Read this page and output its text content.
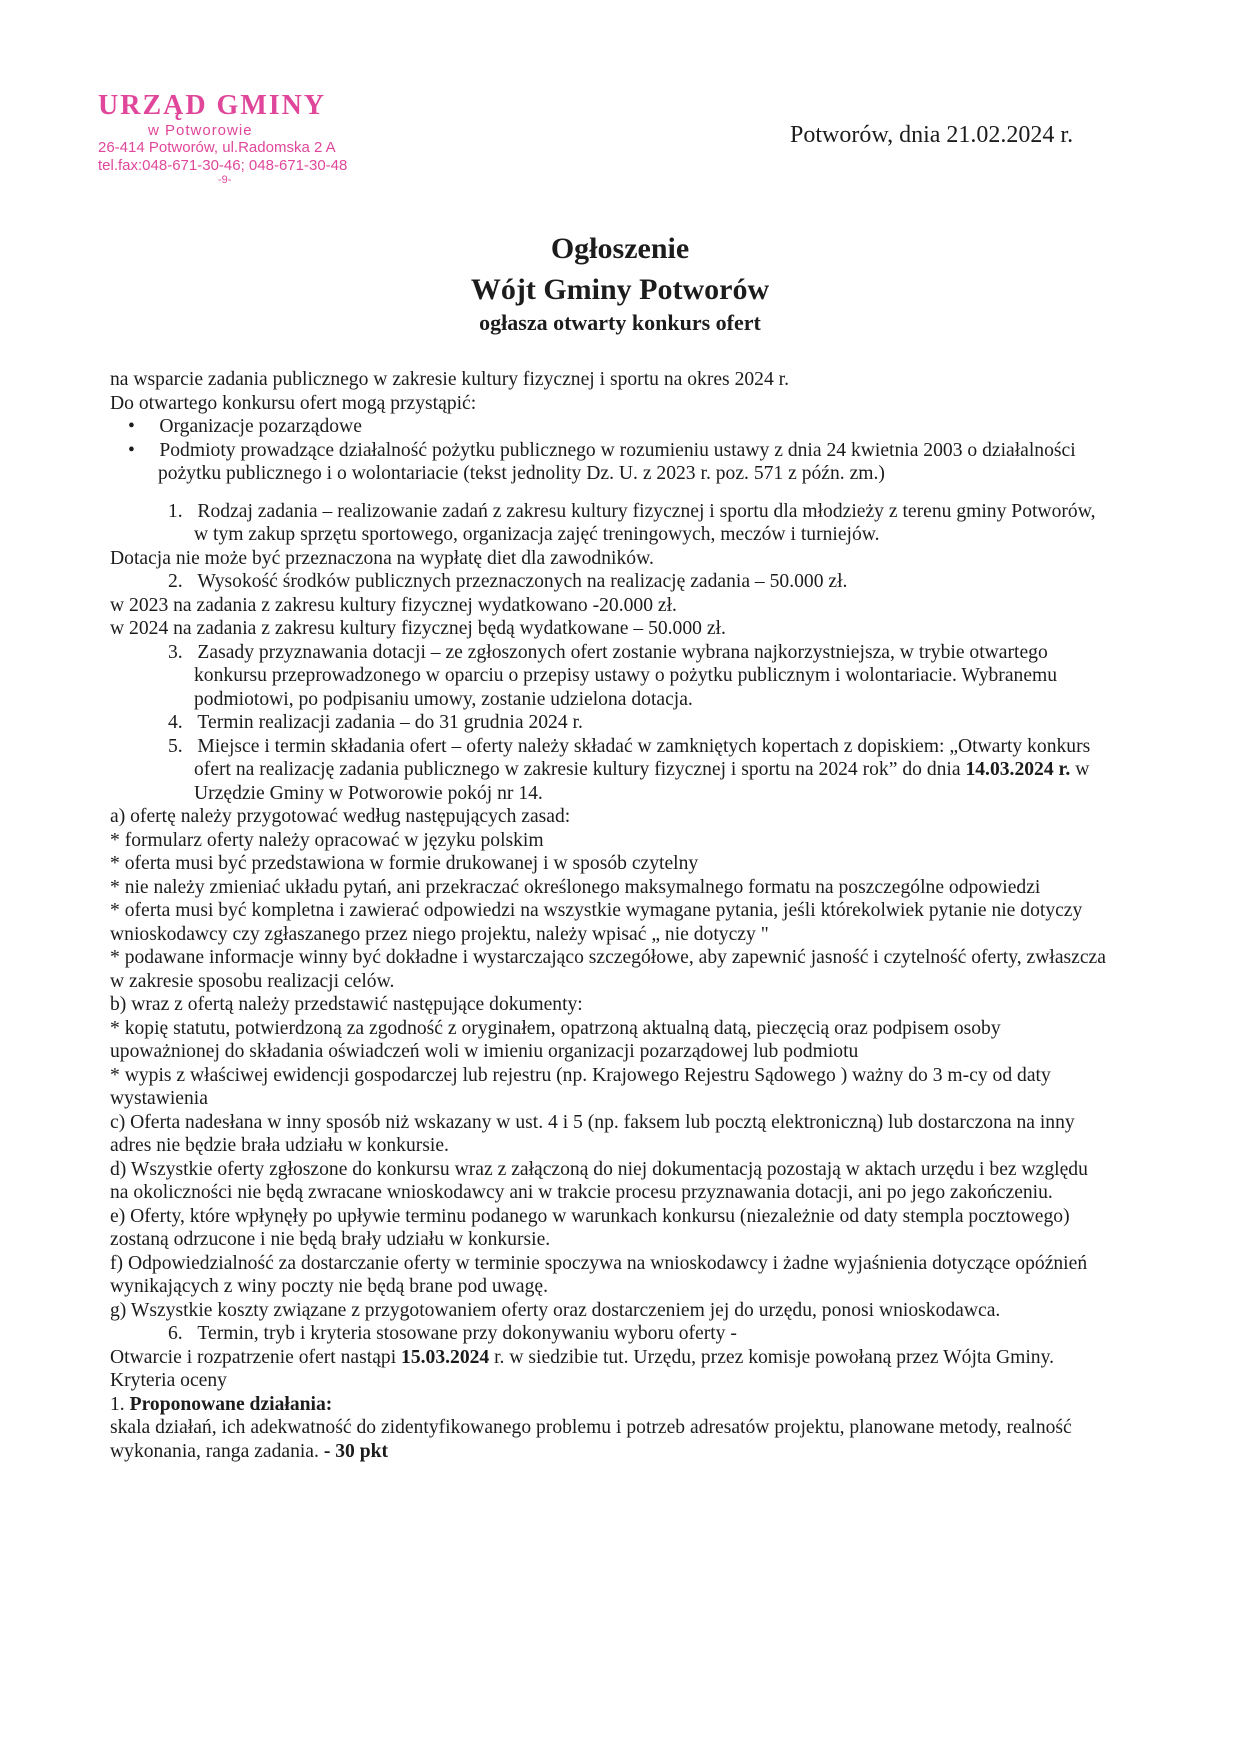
URZĄD GMINY
w Potworowie
26-414 Potworów, ul.Radomska 2 A
tel.fax:048-671-30-46; 048-671-30-48
-9-
Potworów, dnia 21.02.2024 r.
Ogłoszenie
Wójt Gminy Potworów
ogłasza otwarty konkurs ofert

na wsparcie zadania publicznego w zakresie kultury fizycznej i sportu na okres 2024 r.

Do otwartego konkursu ofert mogą przystąpić:

•     Organizacje pozarządowe

•     Podmioty prowadzące działalność pożytku publicznego w rozumieniu ustawy z dnia 24 kwietnia 2003 o działalności pożytku publicznego i o wolontariacie (tekst jednolity Dz. U. z 2023 r. poz. 571 z późn. zm.)

1. Rodzaj zadania – realizowanie zadań z zakresu kultury fizycznej i sportu dla młodzieży z terenu gminy Potworów, w tym zakup sprzętu sportowego, organizacja zajęć treningowych, meczów i turniejów.

Dotacja nie może być przeznaczona na wypłatę diet dla zawodników.

2. Wysokość środków publicznych przeznaczonych na realizację zadania – 50.000 zł.

w 2023 na zadania z zakresu kultury fizycznej wydatkowano -20.000 zł.

w 2024 na zadania z zakresu kultury fizycznej będą wydatkowane – 50.000 zł.

3. Zasady przyznawania dotacji – ze zgłoszonych ofert zostanie wybrana najkorzystniejsza, w trybie otwartego konkursu przeprowadzonego w oparciu o przepisy ustawy o pożytku publicznym i wolontariacie. Wybranemu podmiotowi, po podpisaniu umowy, zostanie udzielona dotacja.

4. Termin realizacji zadania – do 31 grudnia 2024 r.

5. Miejsce i termin składania ofert – oferty należy składać w zamkniętych kopertach z dopiskiem: „Otwarty konkurs ofert na realizację zadania publicznego w zakresie kultury fizycznej i sportu na 2024 rok” do dnia 14.03.2024 r. w Urzędzie Gminy w Potworowie pokój nr 14.

a) ofertę należy przygotować według następujących zasad:

* formularz oferty należy opracować w języku polskim

* oferta musi być przedstawiona w formie drukowanej i w sposób czytelny

* nie należy zmieniać układu pytań, ani przekraczać określonego maksymalnego formatu na poszczególne odpowiedzi

* oferta musi być kompletna i zawierać odpowiedzi na wszystkie wymagane pytania, jeśli którekolwiek pytanie nie dotyczy wnioskodawcy czy zgłaszanego przez niego projektu, należy wpisać „ nie dotyczy "

* podawane informacje winny być dokładne i wystarczająco szczegółowe, aby zapewnić jasność i czytelność oferty, zwłaszcza w zakresie sposobu realizacji celów.

b) wraz z ofertą należy przedstawić następujące dokumenty:

* kopię statutu, potwierdzoną za zgodność z oryginałem, opatrzoną aktualną datą, pieczęcią oraz podpisem osoby upoważnionej do składania oświadczeń woli w imieniu organizacji pozarządowej lub podmiotu

* wypis z właściwej ewidencji gospodarczej lub rejestru (np. Krajowego Rejestru Sądowego ) ważny do 3 m-cy od daty wystawienia

c) Oferta nadesłana w inny sposób niż wskazany w ust. 4 i 5 (np. faksem lub pocztą elektroniczną) lub dostarczona na inny adres nie będzie brała udziału w konkursie.

d) Wszystkie oferty zgłoszone do konkursu wraz z załączoną do niej dokumentacją pozostają w aktach urzędu i bez względu na okoliczności nie będą zwracane wnioskodawcy ani w trakcie procesu przyznawania dotacji, ani po jego zakończeniu.

e) Oferty, które wpłynęły po upływie terminu podanego w warunkach konkursu (niezależnie od daty stempla pocztowego) zostaną odrzucone i nie będą brały udziału w konkursie.

f) Odpowiedzialność za dostarczanie oferty w terminie spoczywa na wnioskodawcy i żadne wyjaśnienia dotyczące opóźnień wynikających z winy poczty nie będą brane pod uwagę.

g) Wszystkie koszty związane z przygotowaniem oferty oraz dostarczeniem jej do urzędu, ponosi wnioskodawca.

6. Termin, tryb i kryteria stosowane przy dokonywaniu wyboru oferty -

Otwarcie i rozpatrzenie ofert nastąpi 15.03.2024 r. w siedzibie tut. Urzędu, przez komisje powołaną przez Wójta Gminy.

Kryteria oceny

1. Proponowane działania:

skala działań, ich adekwatność do zidentyfikowanego problemu i potrzeb adresatów projektu, planowane metody, realność wykonania, ranga zadania. - 30 pkt
